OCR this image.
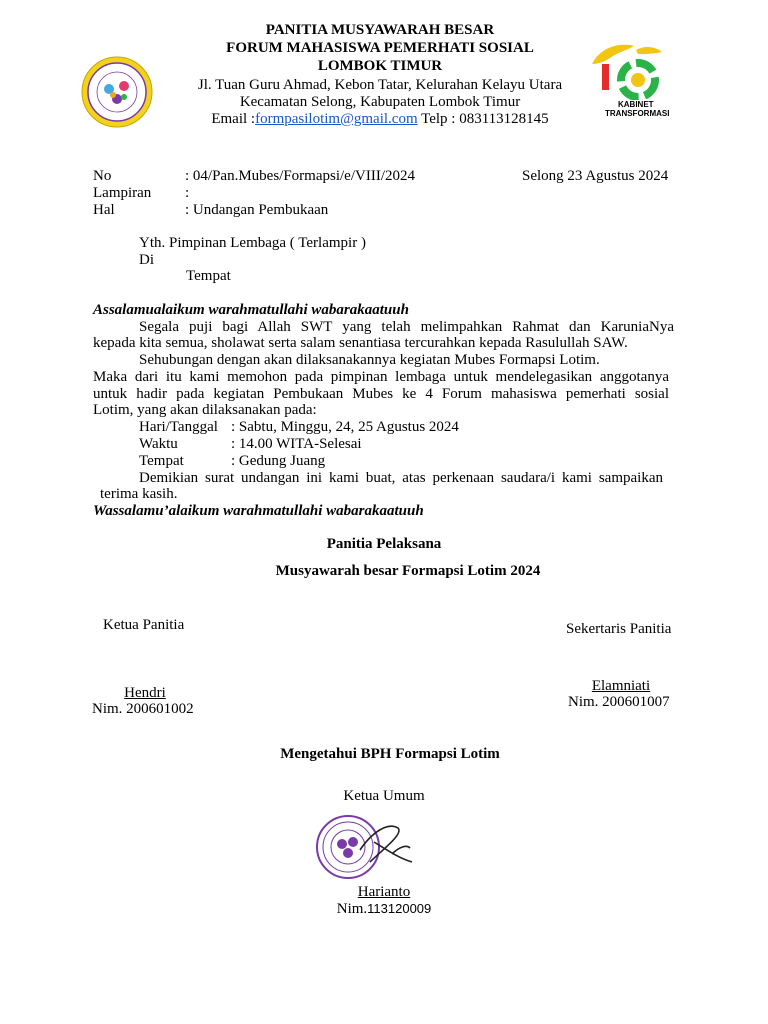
PANITIA MUSYAWARAH BESAR
FORUM MAHASISWA PEMERHATI SOSIAL
LOMBOK TIMUR
Jl. Tuan Guru Ahmad, Kebon Tatar, Kelurahan Kelayu Utara
Kecamatan Selong, Kabupaten Lombok Timur
Email :formpasilotim@gmail.com Telp : 083113128145
KABINET
TRANSFORMASI
No	: 04/Pan.Mubes/Formapsi/e/VIII/2024	Selong 23 Agustus 2024
Lampiran :
Hal	: Undangan Pembukaan
Yth. Pimpinan Lembaga ( Terlampir )
Di
Tempat
Assalamualaikum warahmatullahi wabarakaatuuh
Segala puji bagi Allah SWT yang telah melimpahkan Rahmat dan KaruniaNya
kepada kita semua, sholawat serta salam senantiasa tercurahkan kepada Rasulullah SAW.
Sehubungan dengan akan dilaksanakannya kegiatan Mubes Formapsi Lotim.
Maka dari itu kami memohon pada pimpinan lembaga untuk mendelegasikan anggotanya
untuk hadir pada kegiatan Pembukaan Mubes ke 4 Forum mahasiswa pemerhati sosial
Lotim, yang akan dilaksanakan pada:
Hari/Tanggal : Sabtu, Minggu, 24, 25 Agustus 2024
Waktu	: 14.00 WITA-Selesai
Tempat	: Gedung Juang
Demikian surat undangan ini kami buat, atas perkenaan saudara/i kami sampaikan
terima kasih.
Wassalamu’alaikum warahmatullahi wabarakaatuuh
Panitia Pelaksana
Musyawarah besar Formapsi Lotim 2024
Ketua Panitia	Sekertaris Panitia
Hendri
Nim. 200601002
Elamniati
Nim. 200601007
Mengetahui BPH Formapsi Lotim
Ketua Umum
Harianto
Nim.113120009
